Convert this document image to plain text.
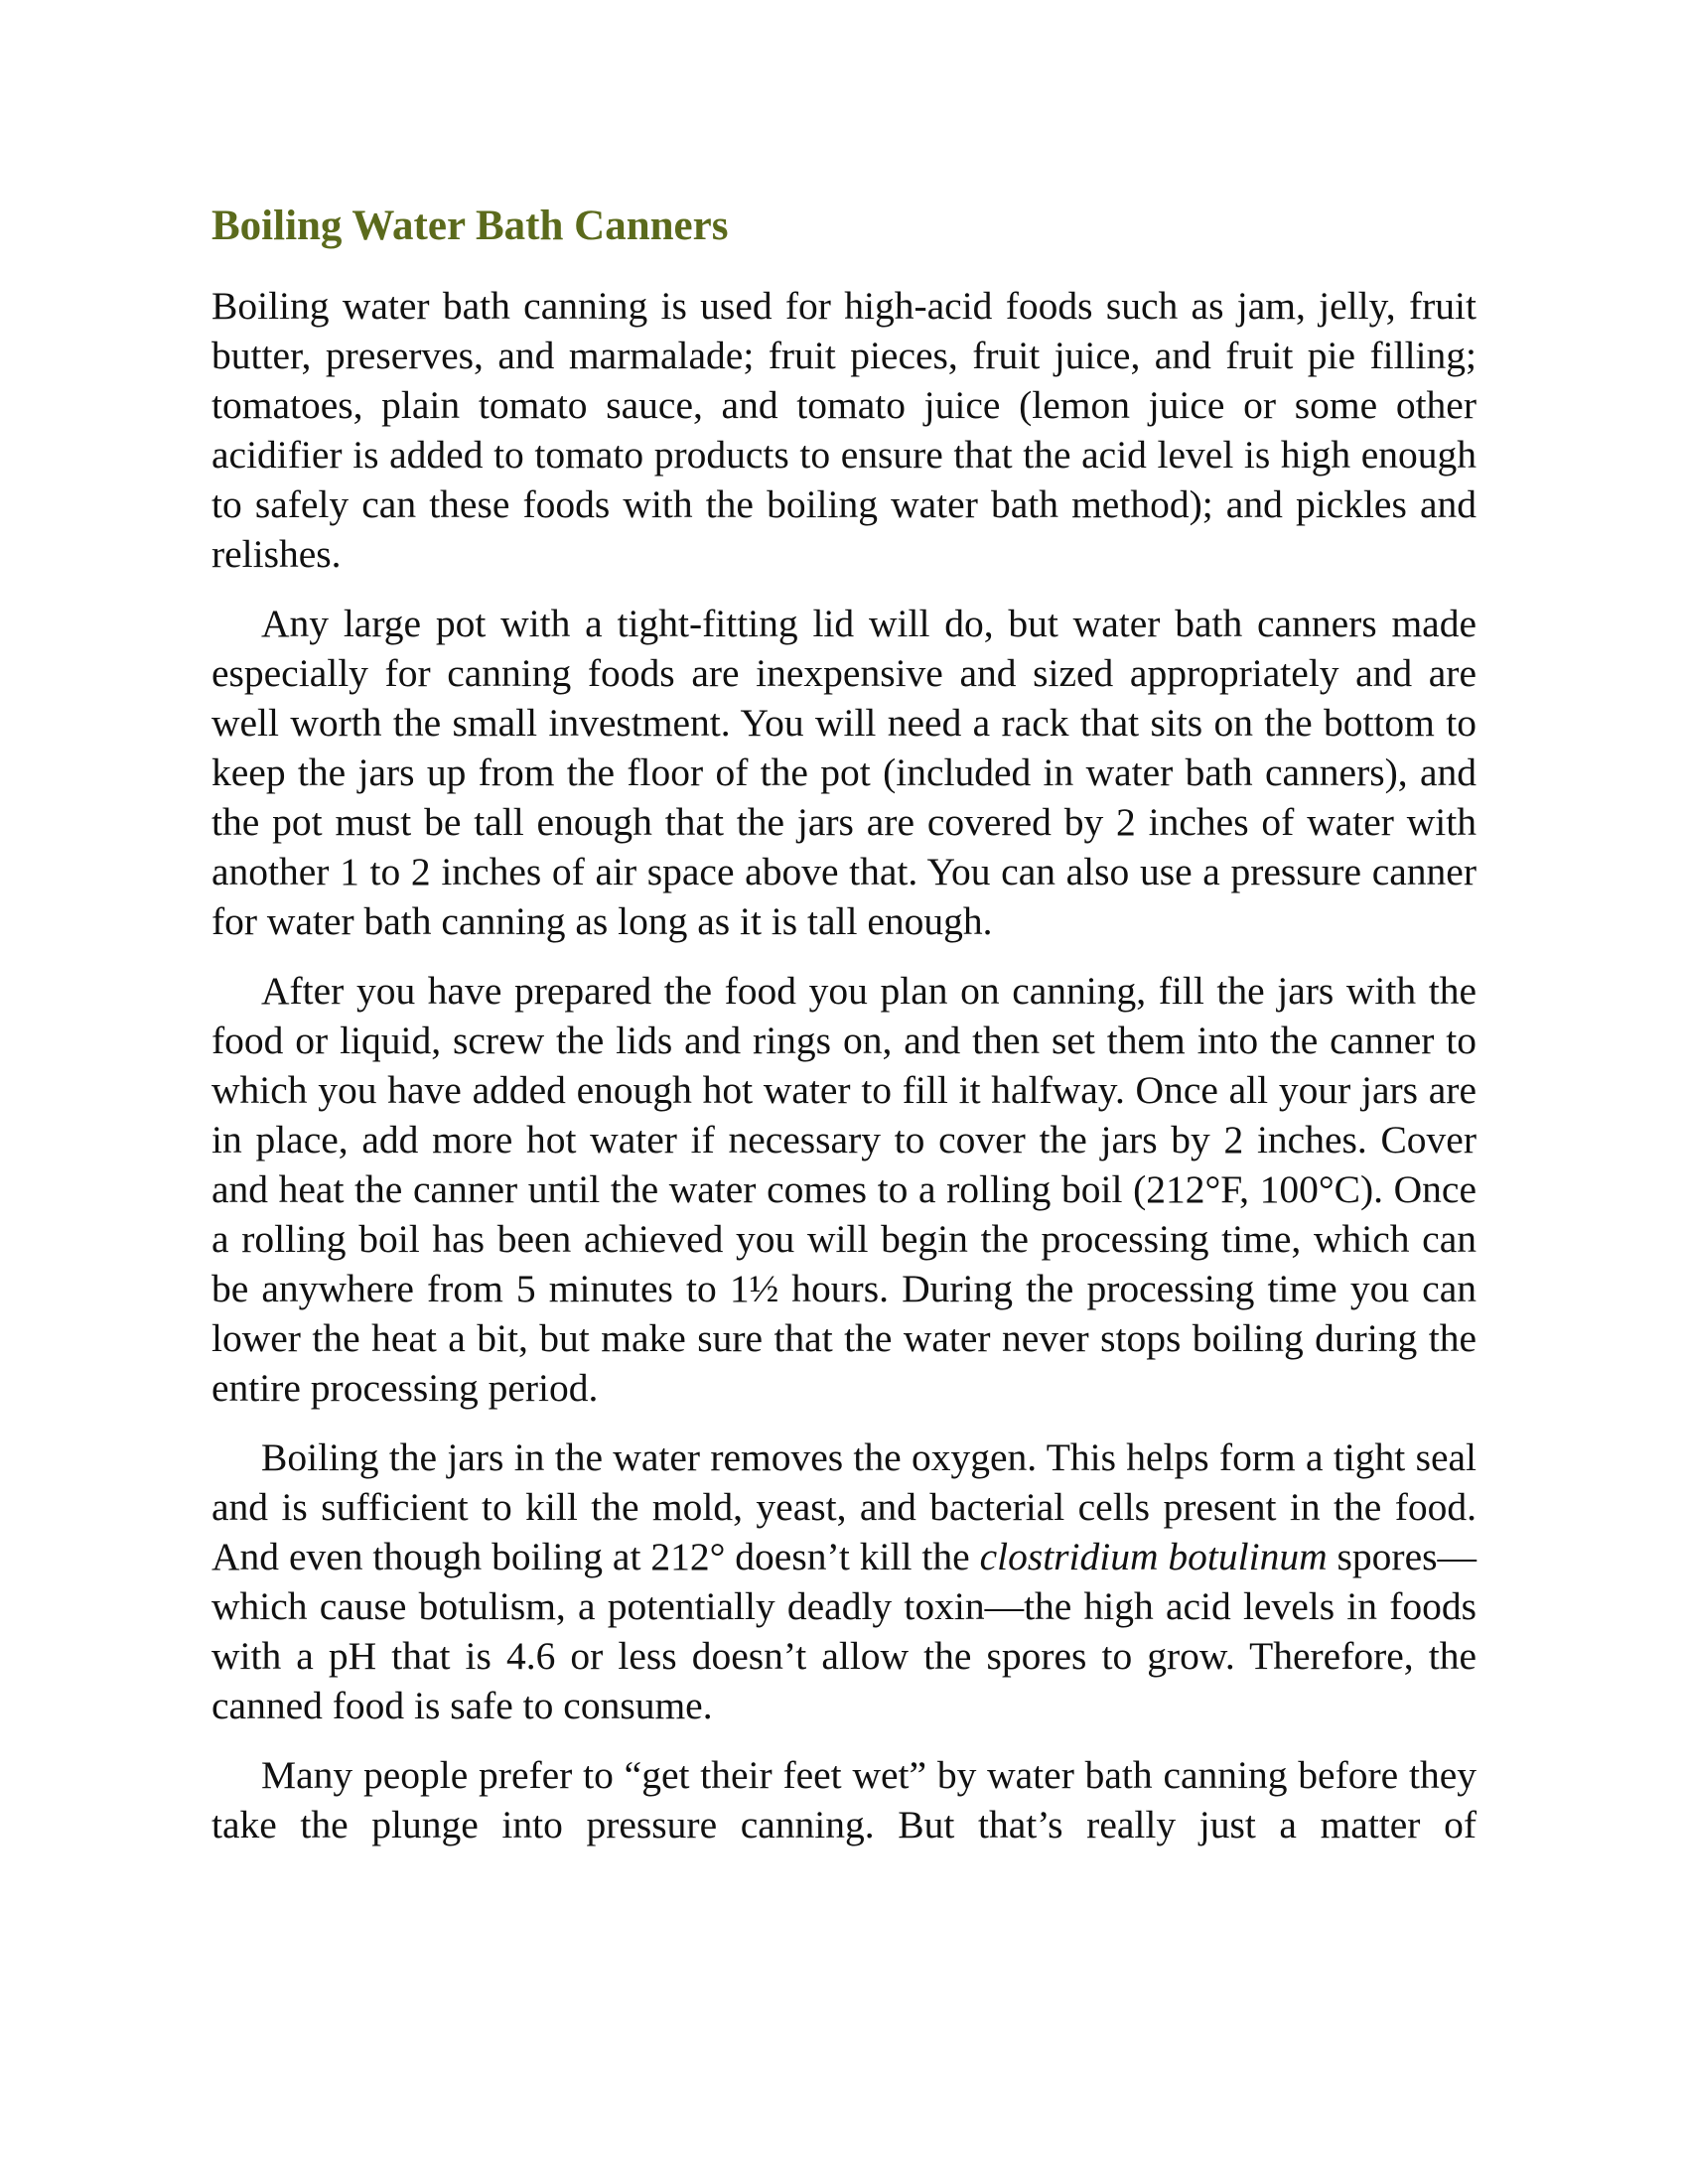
Boiling Water Bath Canners

Boiling water bath canning is used for high-acid foods such as jam, jelly, fruit butter, preserves, and marmalade; fruit pieces, fruit juice, and fruit pie filling; tomatoes, plain tomato sauce, and tomato juice (lemon juice or some other acidifier is added to tomato products to ensure that the acid level is high enough to safely can these foods with the boiling water bath method); and pickles and relishes.

Any large pot with a tight-fitting lid will do, but water bath canners made especially for canning foods are inexpensive and sized appropriately and are well worth the small investment. You will need a rack that sits on the bottom to keep the jars up from the floor of the pot (included in water bath canners), and the pot must be tall enough that the jars are covered by 2 inches of water with another 1 to 2 inches of air space above that. You can also use a pressure canner for water bath canning as long as it is tall enough.

After you have prepared the food you plan on canning, fill the jars with the food or liquid, screw the lids and rings on, and then set them into the canner to which you have added enough hot water to fill it halfway. Once all your jars are in place, add more hot water if necessary to cover the jars by 2 inches. Cover and heat the canner until the water comes to a rolling boil (212°F, 100°C). Once a rolling boil has been achieved you will begin the processing time, which can be anywhere from 5 minutes to 1½ hours. During the processing time you can lower the heat a bit, but make sure that the water never stops boiling during the entire processing period.

Boiling the jars in the water removes the oxygen. This helps form a tight seal and is sufficient to kill the mold, yeast, and bacterial cells present in the food. And even though boiling at 212° doesn’t kill the clostridium botulinum spores—which cause botulism, a potentially deadly toxin—the high acid levels in foods with a pH that is 4.6 or less doesn’t allow the spores to grow. Therefore, the canned food is safe to consume.

Many people prefer to “get their feet wet” by water bath canning before they take the plunge into pressure canning. But that’s really just a matter of
